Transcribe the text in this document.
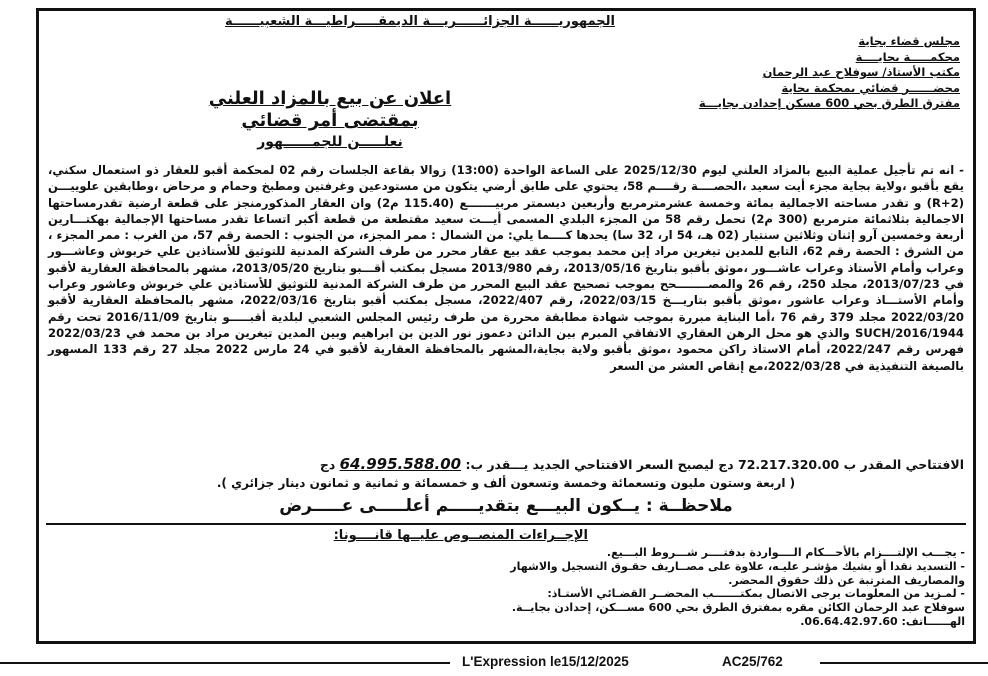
الجمهوريــــــة الجزائــــــريـــة الديمقـــــراطيـــة الشعبيــــــة
مجلس قضاء بجاية
محكمـــــة بجايــــة
مكتب الأستاذ/ سوفلاح عبد الرحمان
محضــــــر قضائي بمحكمة بجاية
مفترق الطرق بحي 600 مسكن إحدادن بجايـــة
اعلان عن بيع بالمزاد العلني
بمقتضى أمر قضائي
نعلـــــن للجمــــــهور

- انه تم تأجيل عملية البيع بالمزاد العلني ليوم 2025/12/30 على الساعة الواحدة (13:00) زوالا بقاعة الجلسات رقم 02 لمحكمة أقبو للعقار ذو استعمال سكني، يقع بأقبو ،ولاية بجاية مجزء أيت سعيد ،الحصــــة رقــــم 58، يحتوي على طابق أرضي يتكون من مستودعين وغرفتين ومطبخ وحمام و مرحاض ،وطابقين علوييـــن (R+2) و تقدر مساحته الاجمالية بمائة وخمسة عشرمترمربع وأربعين ديسمتر مربيـــــــع (115.40 م2) وان العقار المذكورمنجز على قطعة ارضية تقدرمساحتها الاجمالية بثلاثمائة مترمربع (300 م2) تحمل رقم 58 من المجزء البلدي المسمى أيـــت سعيد مقتطعة من قطعة أكبر اتساعا تقدر مساحتها الإجمالية بهكتـــارين أربعة وخمسين آرو إثنان وثلاثين سنتيار (02 هـ، 54 ار، 32 سا) يحدها كــــما يلي: من الشمال : ممر المجزء، من الجنوب : الحصة رقم 57، من الغرب : ممر المجزء ، من الشرق : الحصة رقم 62، التابع للمدين تيغرين مراد إبن محمد بموجب عقد بيع عقار محرر من طرف الشركة المدنية للتوثيق للأستاذين علي خربوش وعاشـــور وعراب وأمام الأستاذ وعراب عاشـــور ،موثق بأقبو بتاريخ 2013/05/16، رقم 2013/980 مسجل بمكتب أقـــبو بتاريخ 2013/05/20، مشهر بالمحافظة العقارية لأقبو في 2013/07/23، مجلد 250، رقم 26 والمصــــــــحح بموجب تصحيح عقد البيع المحرر من طرف الشركة المدنية للتوثيق للأستاذين علي خربوش وعاشور وعراب وأمام الأستـــاذ وعراب عاشور ،موثق بأقبو بتاريـــخ 2022/03/15، رقم 2022/407، مسجل بمكتب أقبو بتاريخ 2022/03/16، مشهر بالمحافظة العقارية لأقبو 2022/03/20 مجلد 379 رقم 76 ،أما البناية مبررة بموجب شهادة مطابقة محررة من طرف رئيس المجلس الشعبي لبلدية أقبـــــو بتاريخ 2016/11/09 تحت رقم 1944/SUCH/2016 والذي هو محل الرهن العقاري الاتفاقي المبرم بين الدائن دعموز نور الدين بن ابراهيم وبين المدين تيغرين مراد بن محمد في 2022/03/23 فهرس رقم 2022/247، أمام الاستاذ راكن محمود ،موثق بأقبو ولاية بجاية،المشهر بالمحافظة العقارية لأقبو في 24 مارس 2022 مجلد 27 رقم 133 المسهور بالصيغة التنفيذية في 2022/03/28،مع إنقاص العشر من السعر

الافتتاحي المقدر ب 72.217.320.00 دج ليصبح السعر الافتتاحي الجديد يـــقدر ب: 64.995.588.00 دج
( اربعة وستون مليون وتسعمائة وخمسة وتسعون ألف و خمسمائة و ثمانية و ثمانون دينار جزائري ).
ملاحظــة : يــكون البيـــع بتقديـــــم أعلـــــى عـــــرض
الإجــراءات المنصــوص عليــها قانــــونا:
- يجـــب الإلتــــزام بالأحـــكام الــــواردة بدفتــــر شـــروط البـــيع.
- التسديد نقدا أو بشيك مؤشـر عليـه، علاوة على مصــاريف حقـوق التسجيل والاشهار
والمصاريف المترتبة عن ذلك حقوق المحضر.
- لمـزيد من المعلومات يرجى الاتصال بمكتـــــــب المحضــر القضـائي الأستـاذ:
سوفلاح عبد الرحمان الكائن مقره بمفترق الطرق بحي 600 مســـكن، إحدادن بجايــة.
الهــــــاتف: 06.64.42.97.60.
L'Expression le15/12/2025	AC25/762
